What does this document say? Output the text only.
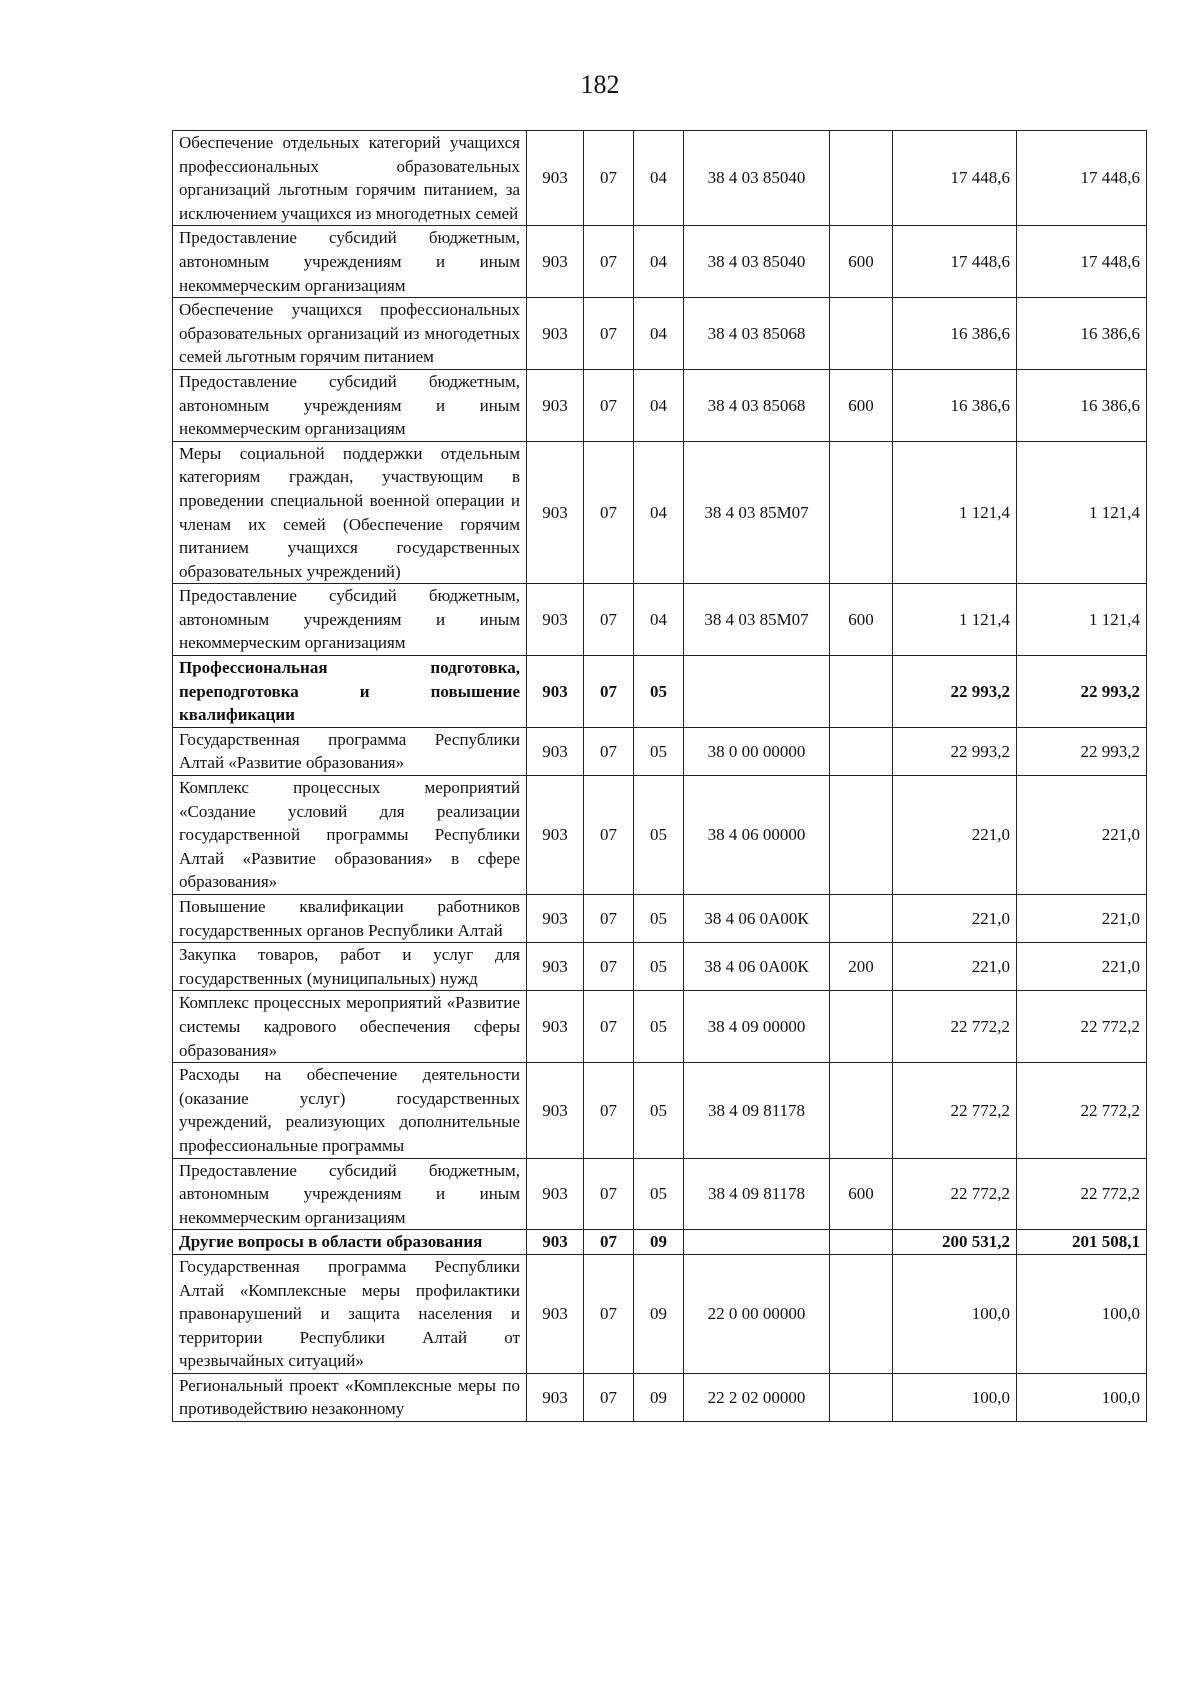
182
Обеспечение отдельных категорий учащихся профессиональных образовательных организаций льготным горячим питанием, за исключением учащихся из многодетных семей	903	07	04	38 4 03 85040		17 448,6	17 448,6
Предоставление субсидий бюджетным, автономным учреждениям и иным некоммерческим организациям	903	07	04	38 4 03 85040	600	17 448,6	17 448,6
Обеспечение учащихся профессиональных образовательных организаций из многодетных семей льготным горячим питанием	903	07	04	38 4 03 85068		16 386,6	16 386,6
Предоставление субсидий бюджетным, автономным учреждениям и иным некоммерческим организациям	903	07	04	38 4 03 85068	600	16 386,6	16 386,6
Меры социальной поддержки отдельным категориям граждан, участвующим в проведении специальной военной операции и членам их семей (Обеспечение горячим питанием учащихся государственных образовательных учреждений)	903	07	04	38 4 03 85М07		1 121,4	1 121,4
Предоставление субсидий бюджетным, автономным учреждениям и иным некоммерческим организациям	903	07	04	38 4 03 85М07	600	1 121,4	1 121,4
Профессиональная подготовка, переподготовка и повышение квалификации	903	07	05			22 993,2	22 993,2
Государственная программа Республики Алтай «Развитие образования»	903	07	05	38 0 00 00000		22 993,2	22 993,2
Комплекс процессных мероприятий «Создание условий для реализации государственной программы Республики Алтай «Развитие образования» в сфере образования»	903	07	05	38 4 06 00000		221,0	221,0
Повышение квалификации работников государственных органов Республики Алтай	903	07	05	38 4 06 0А00К		221,0	221,0
Закупка товаров, работ и услуг для государственных (муниципальных) нужд	903	07	05	38 4 06 0А00К	200	221,0	221,0
Комплекс процессных мероприятий «Развитие системы кадрового обеспечения сферы образования»	903	07	05	38 4 09 00000		22 772,2	22 772,2
Расходы на обеспечение деятельности (оказание услуг) государственных учреждений, реализующих дополнительные профессиональные программы	903	07	05	38 4 09 81178		22 772,2	22 772,2
Предоставление субсидий бюджетным, автономным учреждениям и иным некоммерческим организациям	903	07	05	38 4 09 81178	600	22 772,2	22 772,2
Другие вопросы в области образования	903	07	09			200 531,2	201 508,1
Государственная программа Республики Алтай «Комплексные меры профилактики правонарушений и защита населения и территории Республики Алтай от чрезвычайных ситуаций»	903	07	09	22 0 00 00000		100,0	100,0
Региональный проект «Комплексные меры по противодействию незаконному	903	07	09	22 2 02 00000		100,0	100,0
